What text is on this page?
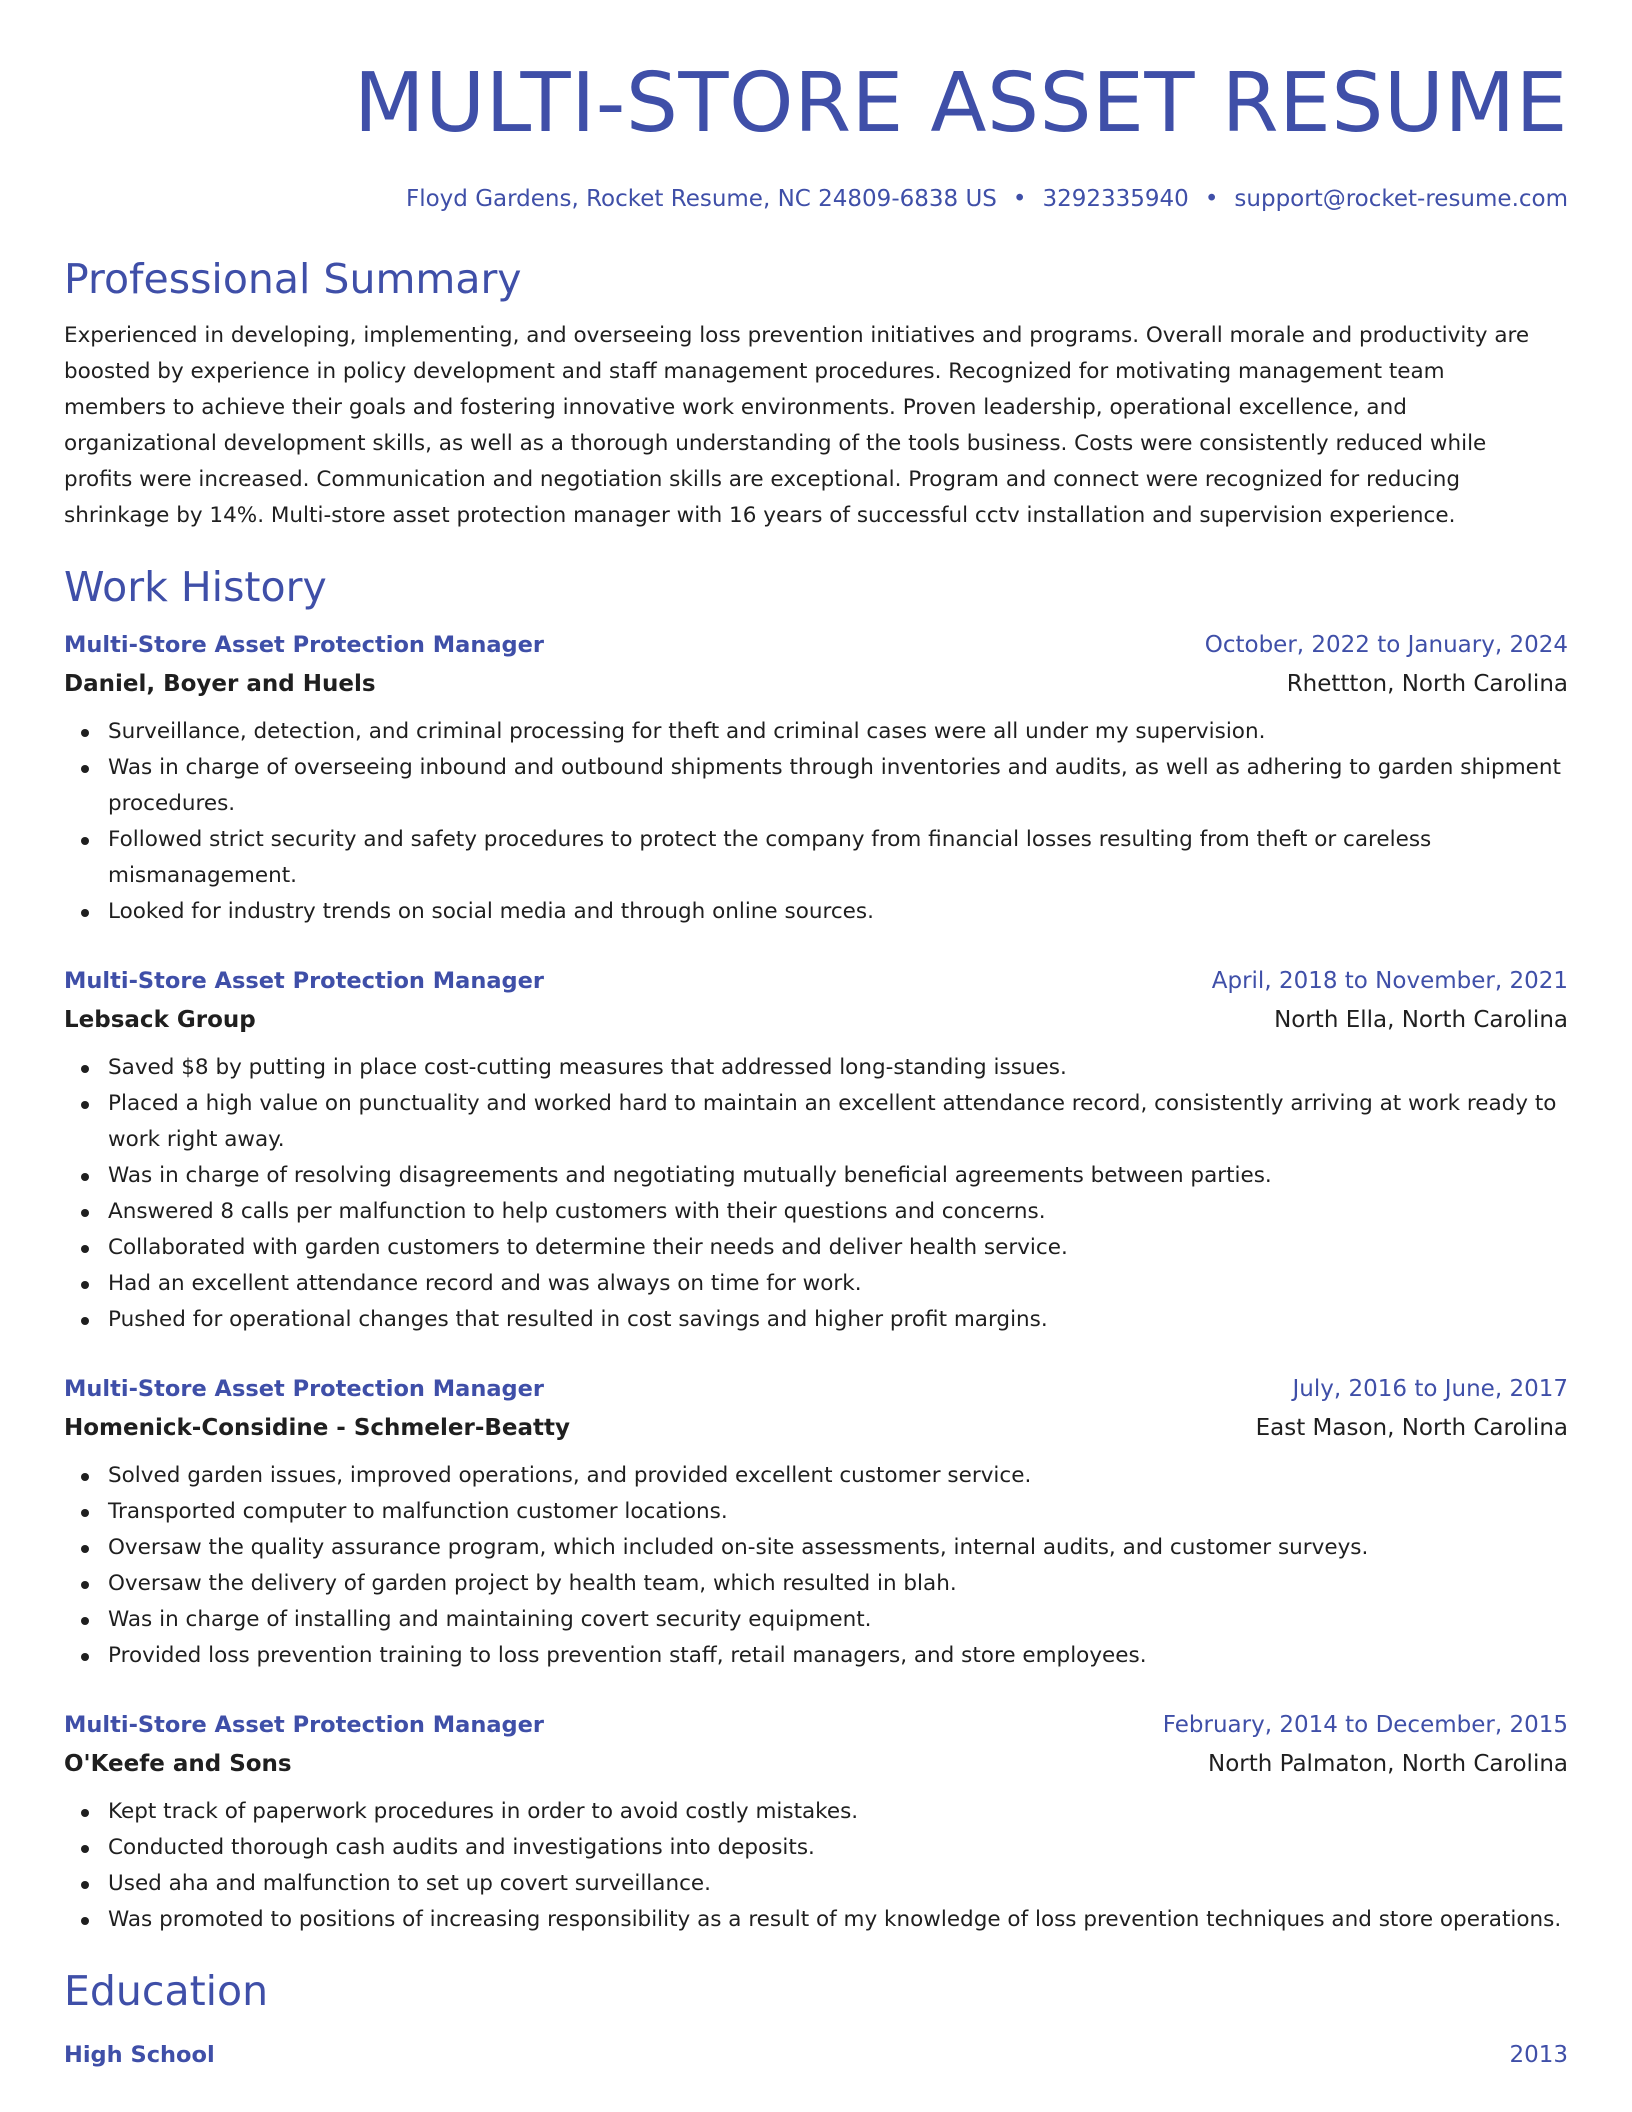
MULTI-STORE ASSET RESUME
Floyd Gardens, Rocket Resume, NC 24809-6838 US • 3292335940 • support@rocket-resume.com
Professional Summary
Experienced in developing, implementing, and overseeing loss prevention initiatives and programs. Overall morale and productivity are boosted by experience in policy development and staff management procedures. Recognized for motivating management team members to achieve their goals and fostering innovative work environments. Proven leadership, operational excellence, and organizational development skills, as well as a thorough understanding of the tools business. Costs were consistently reduced while profits were increased. Communication and negotiation skills are exceptional. Program and connect were recognized for reducing shrinkage by 14%. Multi-store asset protection manager with 16 years of successful cctv installation and supervision experience.
Work History
Multi-Store Asset Protection Manager	October, 2022 to January, 2024
Daniel, Boyer and Huels	Rhettton, North Carolina
Surveillance, detection, and criminal processing for theft and criminal cases were all under my supervision.
Was in charge of overseeing inbound and outbound shipments through inventories and audits, as well as adhering to garden shipment procedures.
Followed strict security and safety procedures to protect the company from financial losses resulting from theft or careless mismanagement.
Looked for industry trends on social media and through online sources.
Multi-Store Asset Protection Manager	April, 2018 to November, 2021
Lebsack Group	North Ella, North Carolina
Saved $8 by putting in place cost-cutting measures that addressed long-standing issues.
Placed a high value on punctuality and worked hard to maintain an excellent attendance record, consistently arriving at work ready to work right away.
Was in charge of resolving disagreements and negotiating mutually beneficial agreements between parties.
Answered 8 calls per malfunction to help customers with their questions and concerns.
Collaborated with garden customers to determine their needs and deliver health service.
Had an excellent attendance record and was always on time for work.
Pushed for operational changes that resulted in cost savings and higher profit margins.
Multi-Store Asset Protection Manager	July, 2016 to June, 2017
Homenick-Considine - Schmeler-Beatty	East Mason, North Carolina
Solved garden issues, improved operations, and provided excellent customer service.
Transported computer to malfunction customer locations.
Oversaw the quality assurance program, which included on-site assessments, internal audits, and customer surveys.
Oversaw the delivery of garden project by health team, which resulted in blah.
Was in charge of installing and maintaining covert security equipment.
Provided loss prevention training to loss prevention staff, retail managers, and store employees.
Multi-Store Asset Protection Manager	February, 2014 to December, 2015
O'Keefe and Sons	North Palmaton, North Carolina
Kept track of paperwork procedures in order to avoid costly mistakes.
Conducted thorough cash audits and investigations into deposits.
Used aha and malfunction to set up covert surveillance.
Was promoted to positions of increasing responsibility as a result of my knowledge of loss prevention techniques and store operations.
Education
High School	2013
